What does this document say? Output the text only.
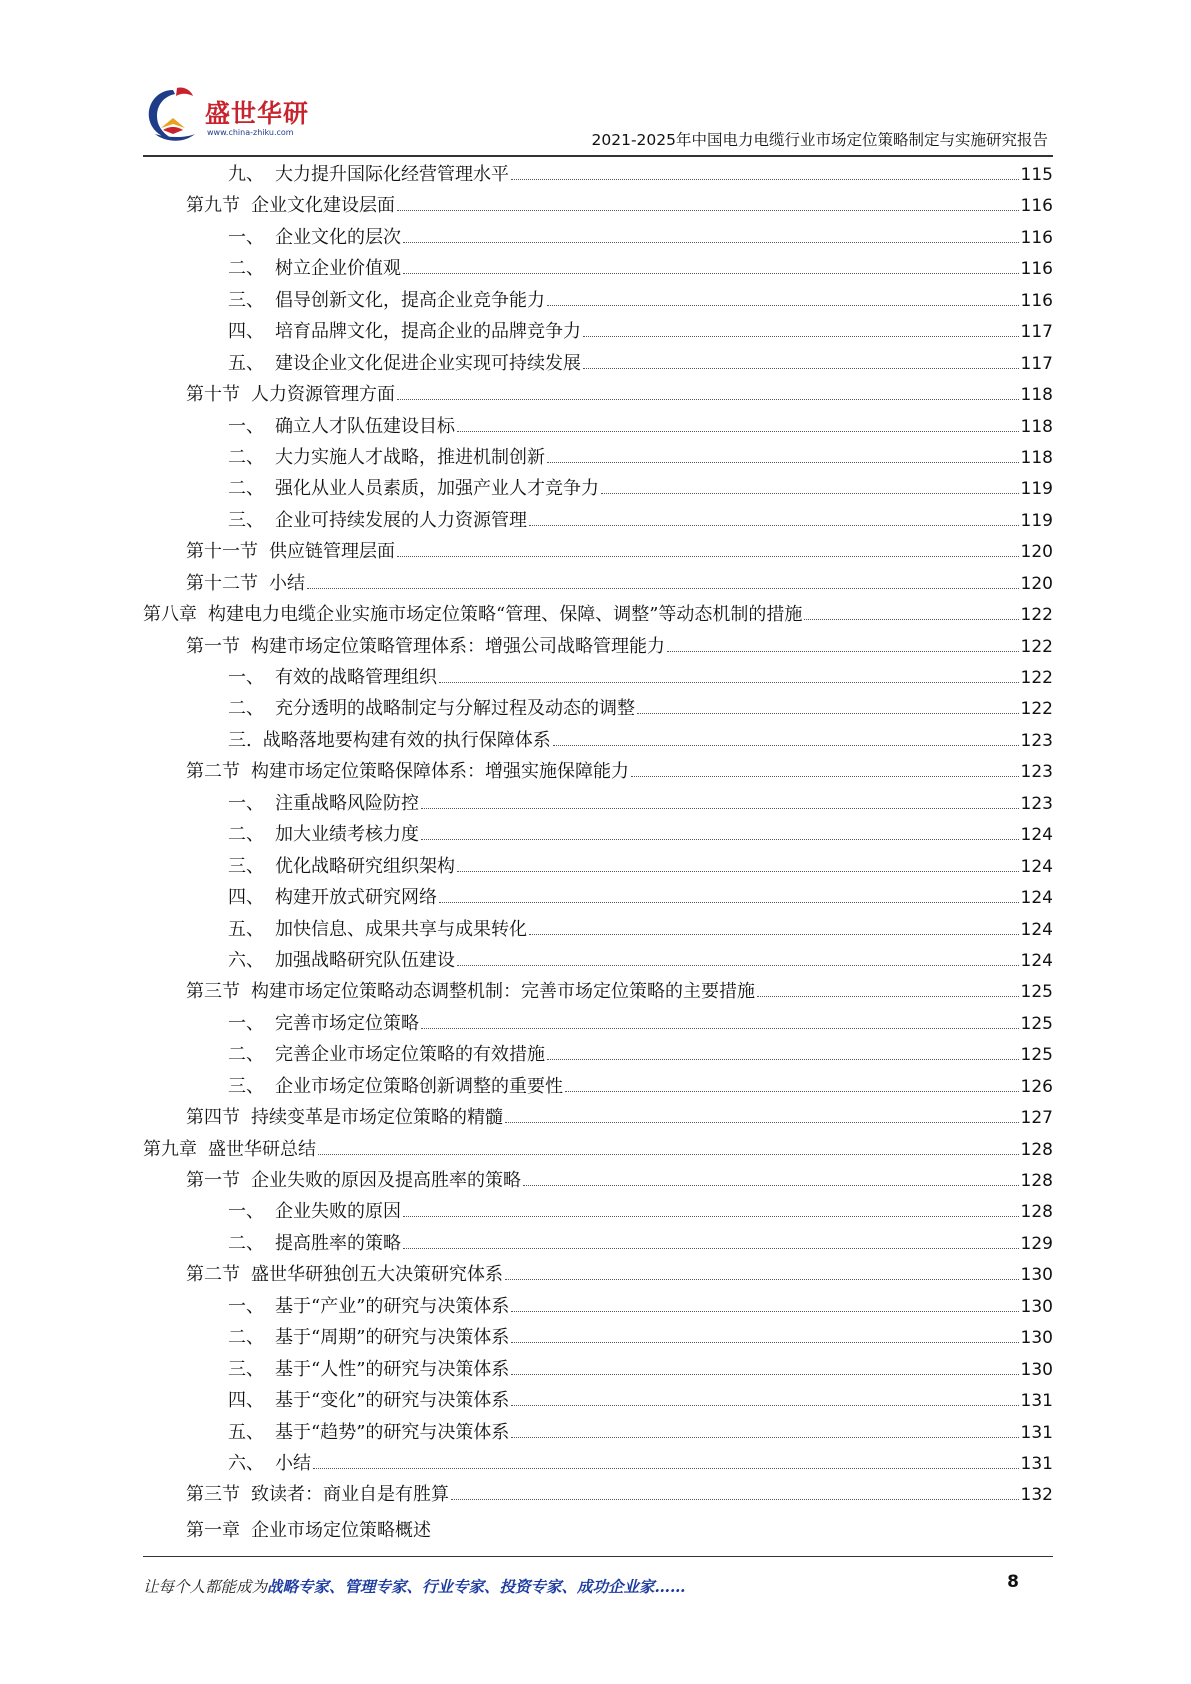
盛世华研
www.china-zhiku.com	2021-2025年中国电力电缆行业市场定位策略制定与实施研究报告
九、 大力提升国际化经营管理水平	115
第九节 企业文化建设层面	116
一、 企业文化的层次	116
二、 树立企业价值观	116
三、 倡导创新文化，提高企业竞争能力	116
四、 培育品牌文化，提高企业的品牌竞争力	117
五、 建设企业文化促进企业实现可持续发展	117
第十节 人力资源管理方面	118
一、 确立人才队伍建设目标	118
二、 大力实施人才战略，推进机制创新	118
二、 强化从业人员素质，加强产业人才竞争力	119
三、 企业可持续发展的人力资源管理	119
第十一节 供应链管理层面	120
第十二节 小结	120
第八章 构建电力电缆企业实施市场定位策略“管理、保障、调整”等动态机制的措施	122
第一节 构建市场定位策略管理体系：增强公司战略管理能力	122
一、 有效的战略管理组织	122
二、 充分透明的战略制定与分解过程及动态的调整	122
三. 战略落地要构建有效的执行保障体系	123
第二节 构建市场定位策略保障体系：增强实施保障能力	123
一、 注重战略风险防控	123
二、 加大业绩考核力度	124
三、 优化战略研究组织架构	124
四、 构建开放式研究网络	124
五、 加快信息、成果共享与成果转化	124
六、 加强战略研究队伍建设	124
第三节 构建市场定位策略动态调整机制：完善市场定位策略的主要措施	125
一、 完善市场定位策略	125
二、 完善企业市场定位策略的有效措施	125
三、 企业市场定位策略创新调整的重要性	126
第四节 持续变革是市场定位策略的精髓	127
第九章 盛世华研总结	128
第一节 企业失败的原因及提高胜率的策略	128
一、 企业失败的原因	128
二、 提高胜率的策略	129
第二节 盛世华研独创五大决策研究体系	130
一、 基于“产业”的研究与决策体系	130
二、 基于“周期”的研究与决策体系	130
三、 基于“人性”的研究与决策体系	130
四、 基于“变化”的研究与决策体系	131
五、 基于“趋势”的研究与决策体系	131
六、 小结	131
第三节 致读者：商业自是有胜算	132
第一章 企业市场定位策略概述
让每个人都能成为战略专家、管理专家、行业专家、投资专家、成功企业家……	8
